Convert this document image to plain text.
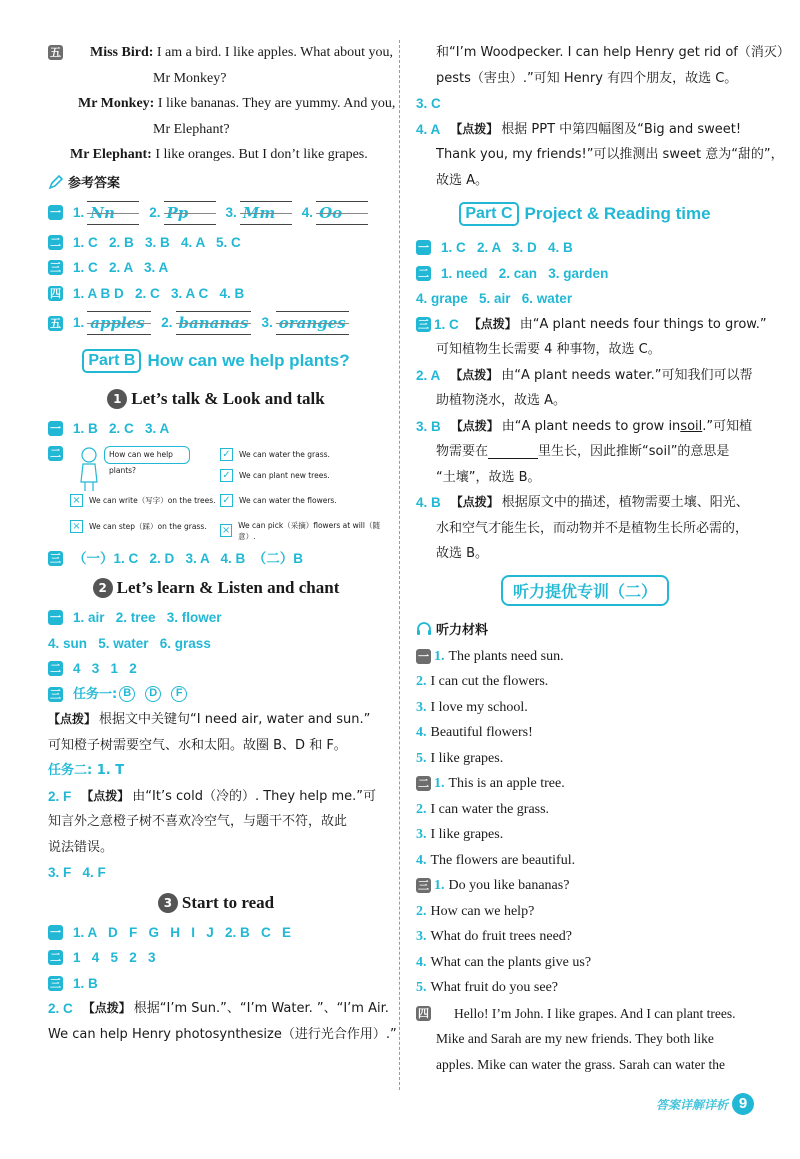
五 Miss Bird:
I am a bird. I like apples. What about you,
Mr Monkey?
Mr Monkey:
I like bananas. They are yummy. And you,
Mr Elephant?
Mr Elephant:
I like oranges. But I don’t like grapes.
参考答案
一 1. Nn	2. Pp	3. Mm	4. Oo
二 1. C   2. B   3. B   4. A   5. C
三 1. C   2. A   3. A
四 1. A B D   2. C   3. A C   4. B
五 1. apples	2. bananas 3. oranges
Part B How can we help plants?
1 Let’s talk & Look and talk
一 1. B   2. C   3. A
二	How can we help plants?
✓	We can water the grass.
✓	We can plant new trees.
×	We can write（写字）on the trees. ✓	We can water the flowers.
×	We can step（踩）on the grass. × We can pick（采摘）flowers at will（随意）.
三 （一）1. C   2. D   3. A   4. B  （二）B
2 Let’s learn & Listen and chant
一 1. air   2. tree   3. flower
4. sun   5. water   6. grass
二 4   3   1   2
三 任务一: B	D	F
【点拨】 根据文中关键句“I need air, water and sun.”
可知橙子树需要空气、水和太阳。故圈 B、D 和 F。
任务二: 1. T
2. F 【点拨】 由“It’s cold（冷的）. They help me.”可
知言外之意橙子树不喜欢冷空气，与题干不符，故此
说法错误。
3. F   4. F
3 Start to read
一 1. A   D   F   G   H   I   J   2. B   C   E
二 1   4   5   2   3
三 1. B
2. C 【点拨】 根据“I’m Sun.”、“I’m Water. ”、“I’m Air.
We can help Henry photosynthesize（进行光合作用）.”
和“I’m Woodpecker. I can help Henry get rid of（消灭）
pests（害虫）.”可知 Henry 有四个朋友，故选 C。
3. C
4. A 【点拨】 根据 PPT 中第四幅图及“Big and sweet!
Thank you, my friends!”可以推测出 sweet 意为“甜的”，
故选 A。
Part C Project & Reading time
一 1. C   2. A   3. D   4. B
二 1. need   2. can   3. garden
4. grape   5. air   6. water
三 1. C 【点拨】 由“A plant needs four things to grow.”
可知植物生长需要 4 种事物，故选 C。
2. A 【点拨】 由“A plant needs water.”可知我们可以帮
助植物浇水，故选 A。
3. B 【点拨】 由“A plant needs to grow in soil .”可知植
物需要在	里生长，因此推断“soil”的意思是
“土壤”，故选 B。
4. B 【点拨】 根据原文中的描述，植物需要土壤、阳光、
水和空气才能生长，而动物并不是植物生长所必需的，
故选 B。
听力提优专训（二）
听力材料
一 1. The plants need sun.
2. I can cut the flowers.
3. I love my school.
4. Beautiful flowers!
5. I like grapes.
二 1. This is an apple tree.
2. I can water the grass.
3. I like grapes.
4. The flowers are beautiful.
三 1. Do you like bananas?
2. How can we help?
3. What do fruit trees need?
4. What can the plants give us?
5. What fruit do you see?
四 Hello! I’m John. I like grapes. And I can plant trees.
Mike and Sarah are my new friends. They both like
apples. Mike can water the grass. Sarah can water the
答案详解详析 9
